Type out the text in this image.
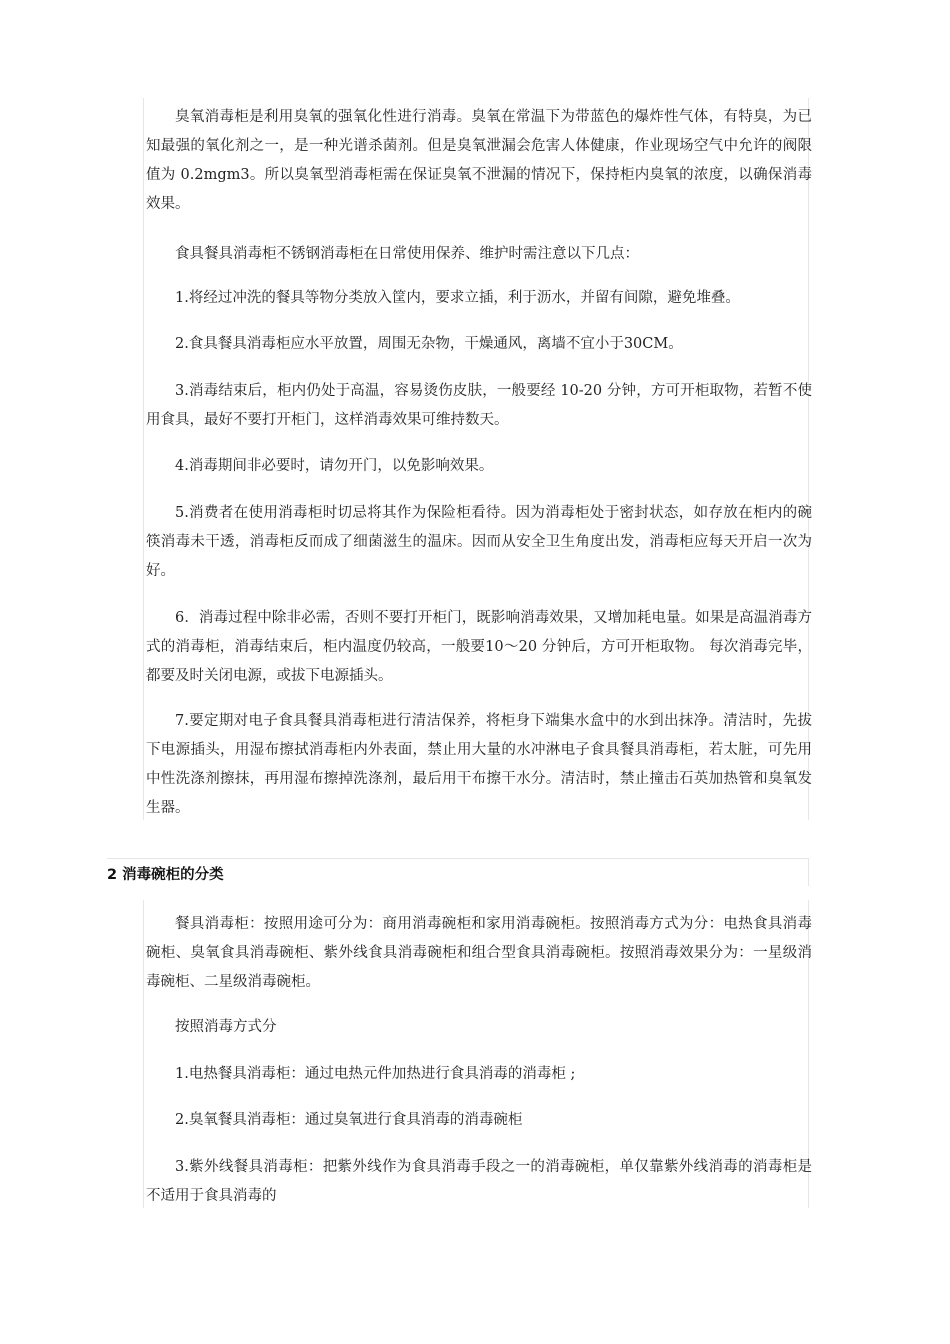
臭氧消毒柜是利用臭氧的强氧化性进行消毒。臭氧在常温下为带蓝色的爆炸性气体，有特臭，为已知最强的氧化剂之一，是一种光谱杀菌剂。但是臭氧泄漏会危害人体健康，作业现场空气中允许的阀限值为 0.2mgm3。所以臭氧型消毒柜需在保证臭氧不泄漏的情况下，保持柜内臭氧的浓度，以确保消毒效果。

食具餐具消毒柜不锈钢消毒柜在日常使用保养、维护时需注意以下几点：

1.将经过冲洗的餐具等物分类放入筐内，要求立插，利于沥水，并留有间隙，避免堆叠。

2.食具餐具消毒柜应水平放置，周围无杂物，干燥通风，离墙不宜小于30CM。

3.消毒结束后，柜内仍处于高温，容易烫伤皮肤，一般要经 10-20 分钟，方可开柜取物，若暂不使用食具，最好不要打开柜门，这样消毒效果可维持数天。

4.消毒期间非必要时，请勿开门，以免影响效果。

5.消费者在使用消毒柜时切忌将其作为保险柜看待。因为消毒柜处于密封状态，如存放在柜内的碗筷消毒未干透，消毒柜反而成了细菌滋生的温床。因而从安全卫生角度出发，消毒柜应每天开启一次为好。

6．消毒过程中除非必需，否则不要打开柜门，既影响消毒效果，又增加耗电量。如果是高温消毒方式的消毒柜，消毒结束后，柜内温度仍较高，一般要10～20 分钟后，方可开柜取物。 每次消毒完毕，都要及时关闭电源，或拔下电源插头。

7.要定期对电子食具餐具消毒柜进行清洁保养，将柜身下端集水盒中的水到出抹净。清洁时，先拔下电源插头，用湿布擦拭消毒柜内外表面，禁止用大量的水冲淋电子食具餐具消毒柜，若太脏，可先用中性洗涤剂擦抹，再用湿布擦掉洗涤剂，最后用干布擦干水分。清洁时，禁止撞击石英加热管和臭氧发生器。

2 消毒碗柜的分类

餐具消毒柜：按照用途可分为：商用消毒碗柜和家用消毒碗柜。按照消毒方式为分：电热食具消毒碗柜、臭氧食具消毒碗柜、紫外线食具消毒碗柜和组合型食具消毒碗柜。按照消毒效果分为：一星级消毒碗柜、二星级消毒碗柜。

按照消毒方式分

1.电热餐具消毒柜：通过电热元件加热进行食具消毒的消毒柜 ;

2.臭氧餐具消毒柜：通过臭氧进行食具消毒的消毒碗柜

3.紫外线餐具消毒柜：把紫外线作为食具消毒手段之一的消毒碗柜，单仅靠紫外线消毒的消毒柜是不适用于食具消毒的
